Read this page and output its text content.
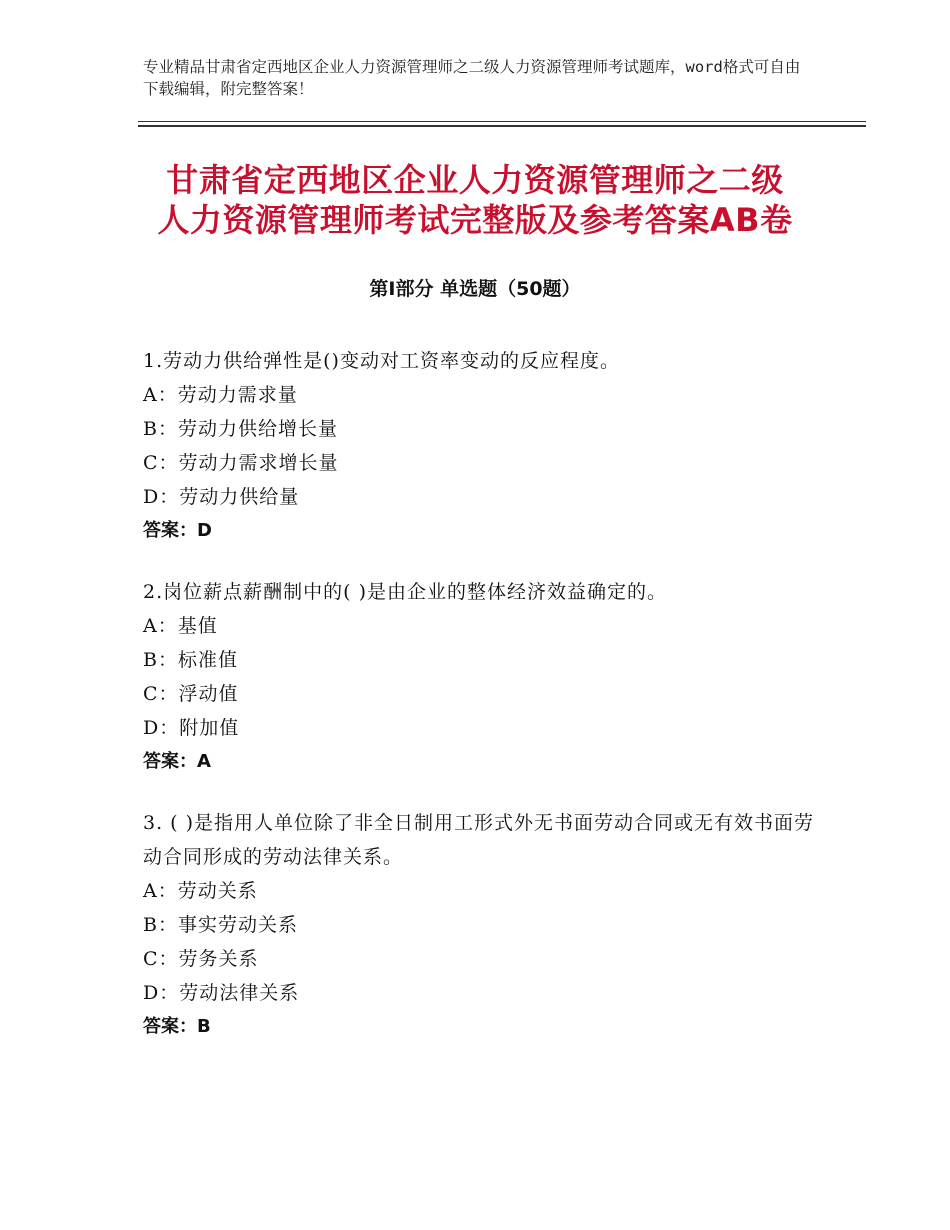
专业精品甘肃省定西地区企业人力资源管理师之二级人力资源管理师考试题库，word格式可自由下载编辑，附完整答案！
甘肃省定西地区企业人力资源管理师之二级
人力资源管理师考试完整版及参考答案AB卷
第Ⅰ部分 单选题（50题）

1.劳动力供给弹性是()变动对工资率变动的反应程度。

A：劳动力需求量

B：劳动力供给增长量

C：劳动力需求增长量

D：劳动力供给量

答案：D

2.岗位薪点薪酬制中的( )是由企业的整体经济效益确定的。

A：基值

B：标准值

C：浮动值

D：附加值

答案：A

3. ( )是指用人单位除了非全日制用工形式外无书面劳动合同或无有效书面劳动合同形成的劳动法律关系。

A：劳动关系

B：事实劳动关系

C：劳务关系

D：劳动法律关系

答案：B
